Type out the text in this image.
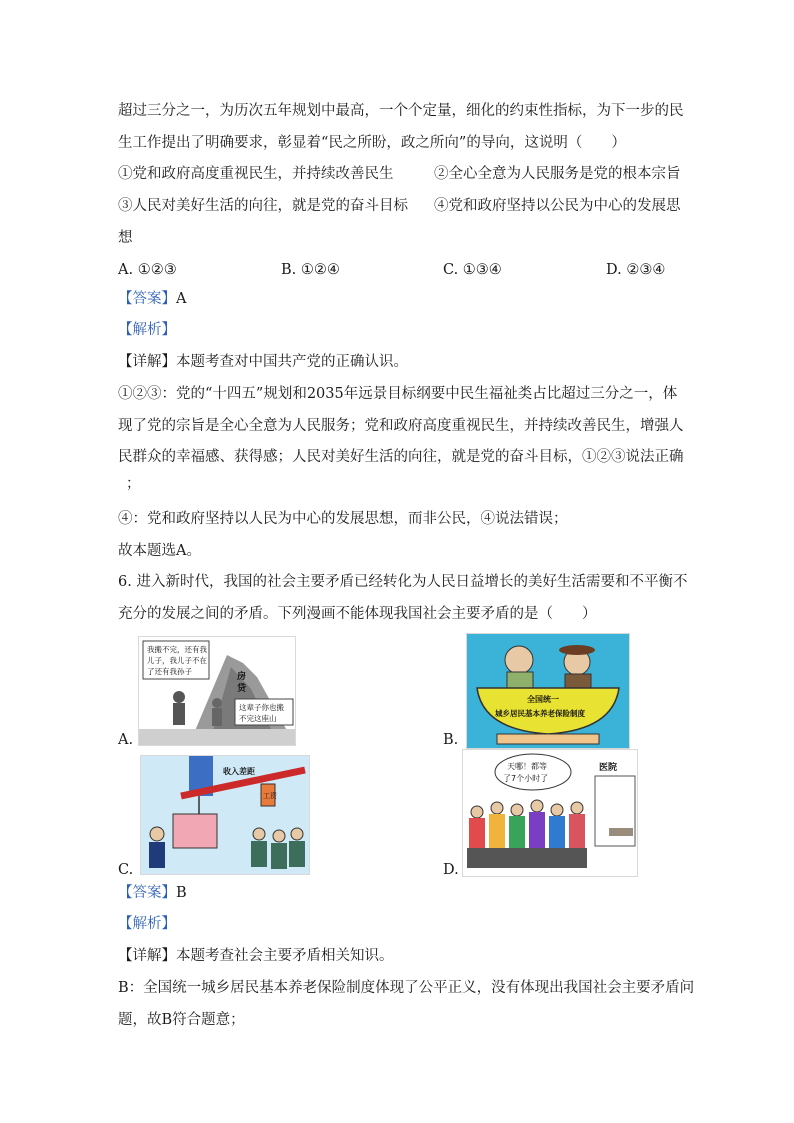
超过三分之一，为历次五年规划中最高，一个个定量，细化的约束性指标，为下一步的民
生工作提出了明确要求，彰显着“民之所盼，政之所向”的导向，这说明（　　）
①党和政府高度重视民生，并持续改善民生	②全心全意为人民服务是党的根本宗旨
③人民对美好生活的向往，就是党的奋斗目标 ④党和政府坚持以公民为中心的发展思
想
A. ①②③	B. ①②④	C. ①③④	D. ②③④
【答案】A
【解析】
【详解】本题考查对中国共产党的正确认识。
①②③：党的“十四五”规划和2035年远景目标纲要中民生福祉类占比超过三分之一，体
现了党的宗旨是全心全意为人民服务；党和政府高度重视民生，并持续改善民生，增强人
民群众的幸福感、获得感；人民对美好生活的向往，就是党的奋斗目标，①②③说法正确
；
④：党和政府坚持以人民为中心的发展思想，而非公民，④说法错误；
故本题选A。
6. 进入新时代，我国的社会主要矛盾已经转化为人民日益增长的美好生活需要和不平衡不
充分的发展之间的矛盾。下列漫画不能体现我国社会主要矛盾的是（　　）
我搬不完，还有我
儿子，我儿子不在
了还有我孙子
房
贷
这辈子你也搬
不完这座山
A.
全国统一
城乡居民基本养老保险制度
B.
收入差距
工资
C.
天哪！都等
了7个小时了
医院
D.
【答案】B
【解析】
【详解】本题考查社会主要矛盾相关知识。
B：全国统一城乡居民基本养老保险制度体现了公平正义，没有体现出我国社会主要矛盾问
题，故B符合题意；
